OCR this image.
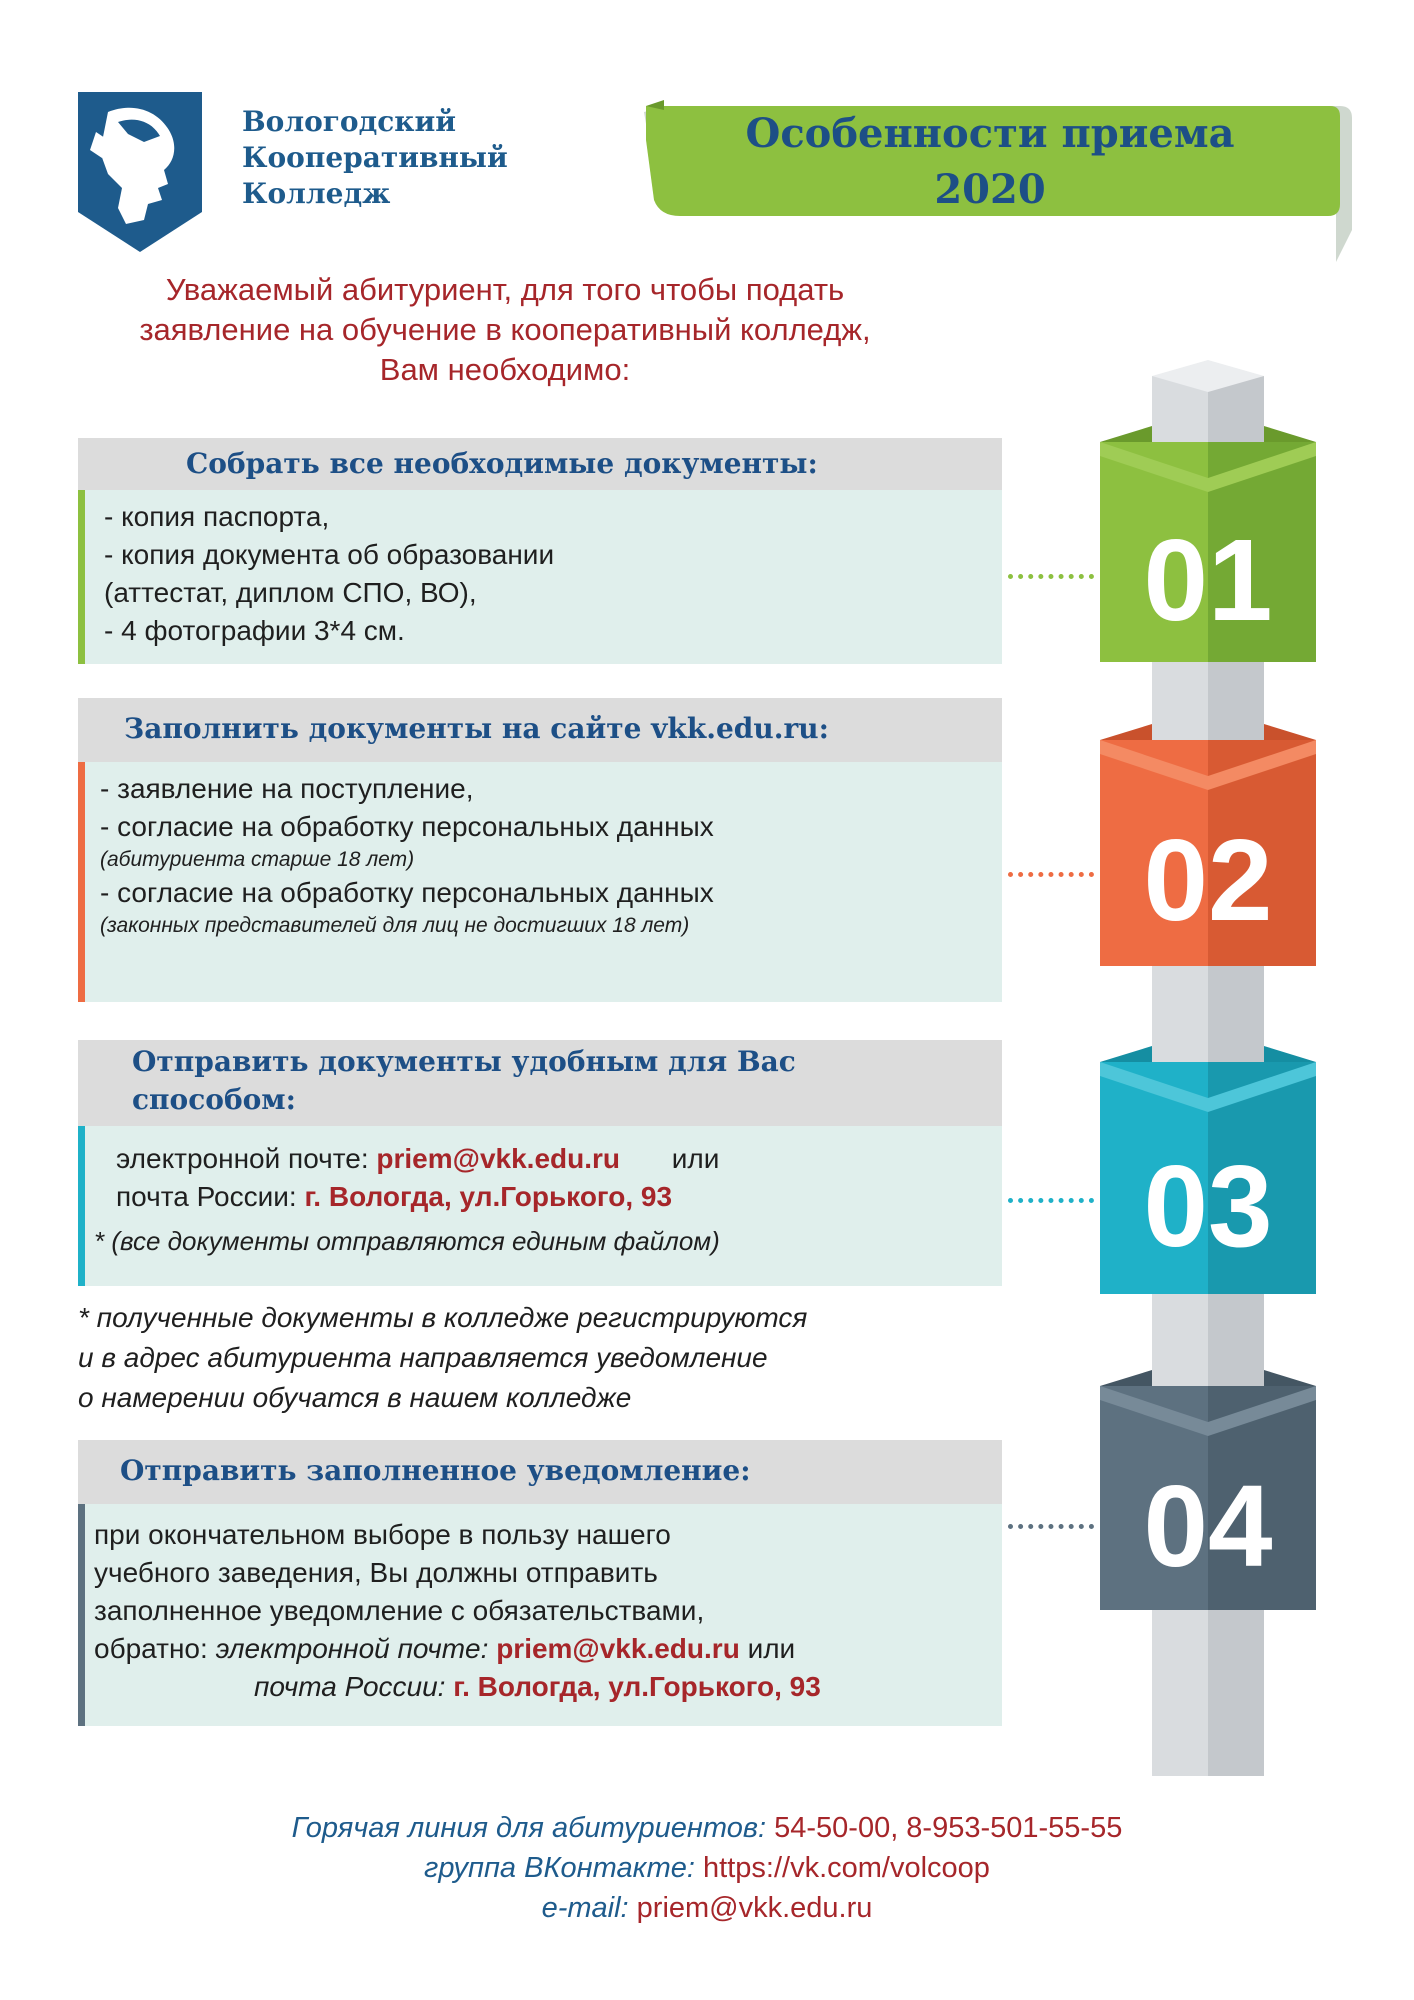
Вологодский
Кооперативный
Колледж
Особенности приема
2020
Уважаемый абитуриент, для того чтобы подать
заявление на обучение в кооперативный колледж,
Вам необходимо:
Собрать все необходимые документы:
- копия паспорта,
- копия документа об образовании
(аттестат, диплом СПО, ВО),
- 4 фотографии 3*4 см.
Заполнить документы на сайте vkk.edu.ru:
- заявление на поступление,
- согласие на обработку персональных данных
(абитуриента старше 18 лет)
- согласие на обработку персональных данных
(законных представителей для лиц не достигших 18 лет)
Отправить документы удобным для Вас
способом:
электронной почте: priem@vkk.edu.ru или
почта России: г. Вологда, ул.Горького, 93
* (все документы отправляются единым файлом)
* полученные документы в колледже регистрируются
и в адрес абитуриента направляется уведомление
о намерении обучатся в нашем колледже
Отправить заполненное уведомление:
при окончательном выборе в пользу нашего
учебного заведения, Вы должны отправить
заполненное уведомление с обязательствами,
обратно: электронной почте: priem@vkk.edu.ru или
почта России: г. Вологда, ул.Горького, 93
01
02
03
04
Горячая линия для абитуриентов: 54-50-00, 8-953-501-55-55
группа ВКонтакте: https://vk.com/volcoop
e-mail: priem@vkk.edu.ru
